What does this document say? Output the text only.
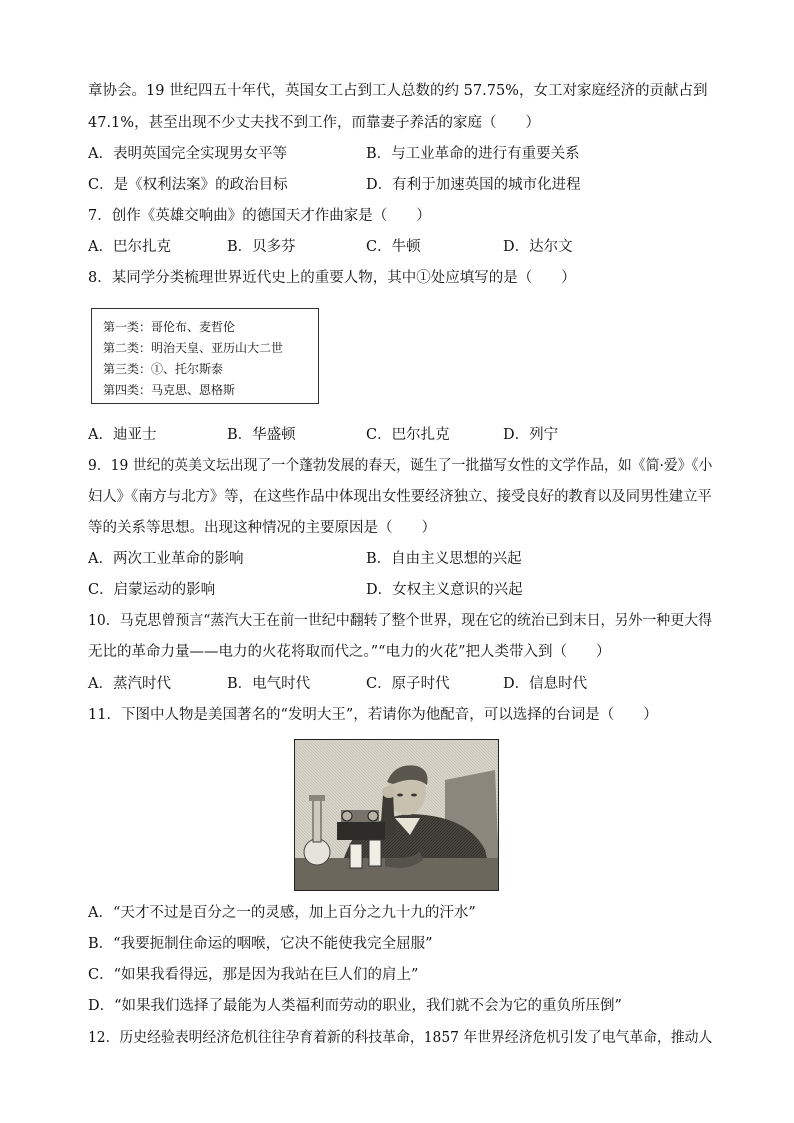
章协会。19 世纪四五十年代，英国女工占到工人总数的约 57.75%，女工对家庭经济的贡献占到
47.1%，甚至出现不少丈夫找不到工作，而靠妻子养活的家庭（　　）
A．表明英国完全实现男女平等	B．与工业革命的进行有重要关系
C．是《权利法案》的政治目标	D．有利于加速英国的城市化进程
7．创作《英雄交响曲》的德国天才作曲家是（　　）
A．巴尔扎克	B．贝多芬	C．牛顿	D．达尔文
8．某同学分类梳理世界近代史上的重要人物，其中①处应填写的是（　　）
第一类：哥伦布、麦哲伦
第二类：明治天皇、亚历山大二世
第三类：①、托尔斯泰
第四类：马克思、恩格斯
A．迪亚士	B．华盛顿	C．巴尔扎克	D．列宁
9．19 世纪的英美文坛出现了一个蓬勃发展的春天，诞生了一批描写女性的文学作品，如《简·爱》《小
妇人》《南方与北方》等，在这些作品中体现出女性要经济独立、接受良好的教育以及同男性建立平
等的关系等思想。出现这种情况的主要原因是（　　）
A．两次工业革命的影响	B．自由主义思想的兴起
C．启蒙运动的影响	D．女权主义意识的兴起
10．马克思曾预言“蒸汽大王在前一世纪中翻转了整个世界，现在它的统治已到末日，另外一种更大得
无比的革命力量——电力的火花将取而代之。”“电力的火花”把人类带入到（　　）
A．蒸汽时代	B．电气时代	C．原子时代	D．信息时代
11．下图中人物是美国著名的“发明大王”，若请你为他配音，可以选择的台词是（　　）
A．“天才不过是百分之一的灵感，加上百分之九十九的汗水”
B．“我要扼制住命运的咽喉，它决不能使我完全屈服”
C．“如果我看得远，那是因为我站在巨人们的肩上”
D．“如果我们选择了最能为人类福利而劳动的职业，我们就不会为它的重负所压倒”
12．历史经验表明经济危机往往孕育着新的科技革命，1857 年世界经济危机引发了电气革命，推动人
